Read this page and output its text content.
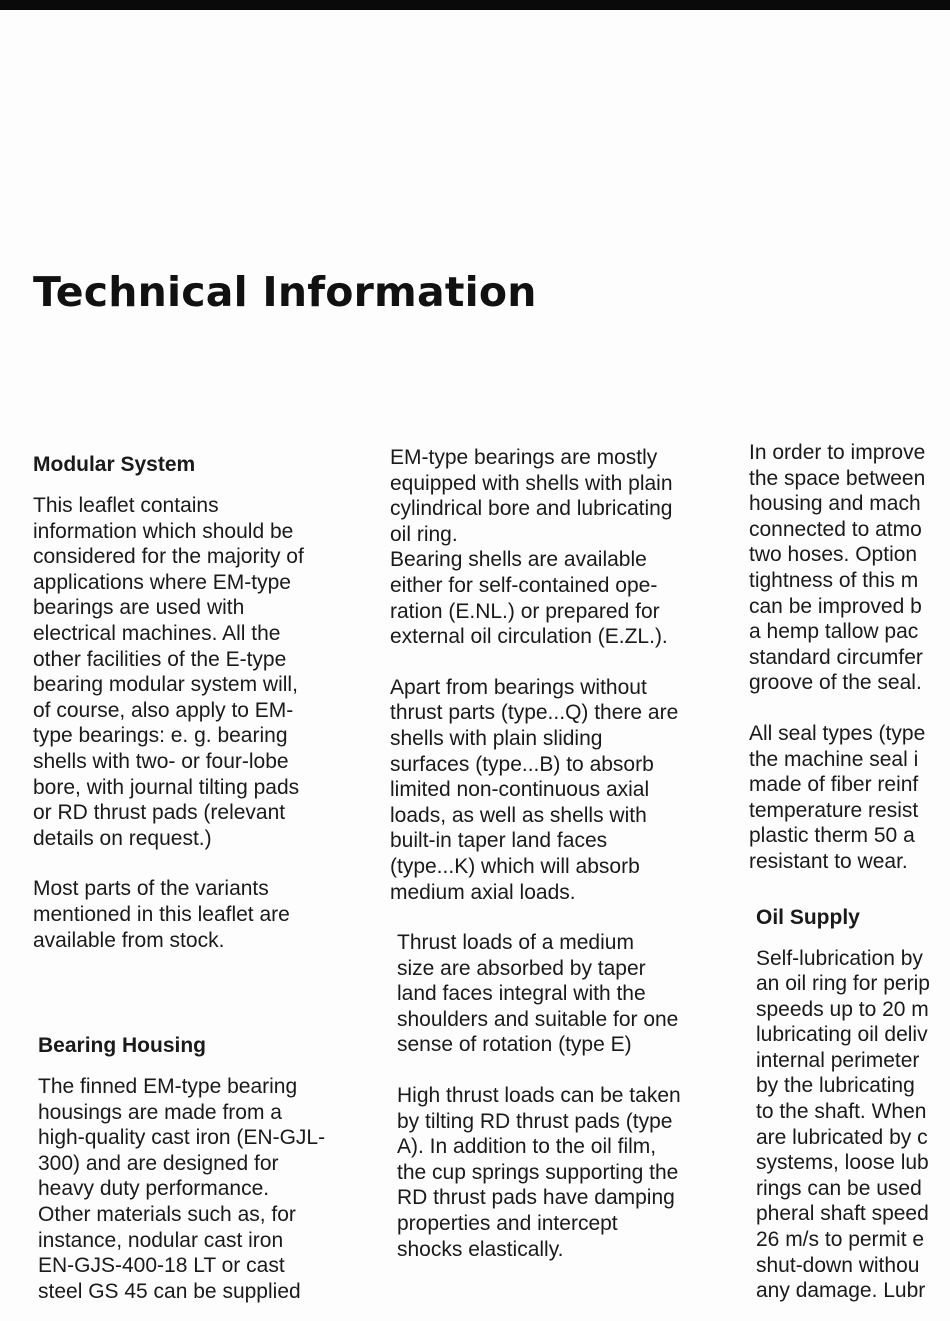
Technical Information
Modular System

This leaflet contains
information which should be
considered for the majority of
applications where EM-type
bearings are used with
electrical machines. All the
other facilities of the E-type
bearing modular system will,
of course, also apply to EM-
type bearings: e. g. bearing
shells with two- or four-lobe
bore, with journal tilting pads
or RD thrust pads (relevant
details on request.)

Most parts of the variants
mentioned in this leaflet are
available from stock.

Bearing Housing

The finned EM-type bearing
housings are made from a
high-quality cast iron (EN-GJL-
300) and are designed for
heavy duty performance.
Other materials such as, for
instance, nodular cast iron
EN-GJS-400-18 LT or cast
steel GS 45 can be supplied

EM-type bearings are mostly
equipped with shells with plain
cylindrical bore and lubricating
oil ring.
Bearing shells are available
either for self-contained ope-
ration (E.NL.) or prepared for
external oil circulation (E.ZL.).

Apart from bearings without
thrust parts (type...Q) there are
shells with plain sliding
surfaces (type...B) to absorb
limited non-continuous axial
loads, as well as shells with
built-in taper land faces
(type...K) which will absorb
medium axial loads.

Thrust loads of a medium
size are absorbed by taper
land faces integral with the
shoulders and suitable for one
sense of rotation (type E)

High thrust loads can be taken
by tilting RD thrust pads (type
A). In addition to the oil film,
the cup springs supporting the
RD thrust pads have damping
properties and intercept
shocks elastically.

In order to improve
the space between
housing and mach
connected to atmo
two hoses. Option
tightness of this m
can be improved b
a hemp tallow pac
standard circumfer
groove of the seal.

All seal types (type
the machine seal i
made of fiber reinf
temperature resist
plastic therm 50 a
resistant to wear.

Oil Supply

Self-lubrication by
an oil ring for perip
speeds up to 20 m
lubricating oil deliv
internal perimeter
by the lubricating
to the shaft. When
are lubricated by c
systems, loose lub
rings can be used
pheral shaft speed
26 m/s to permit e
shut-down withou
any damage. Lubr
